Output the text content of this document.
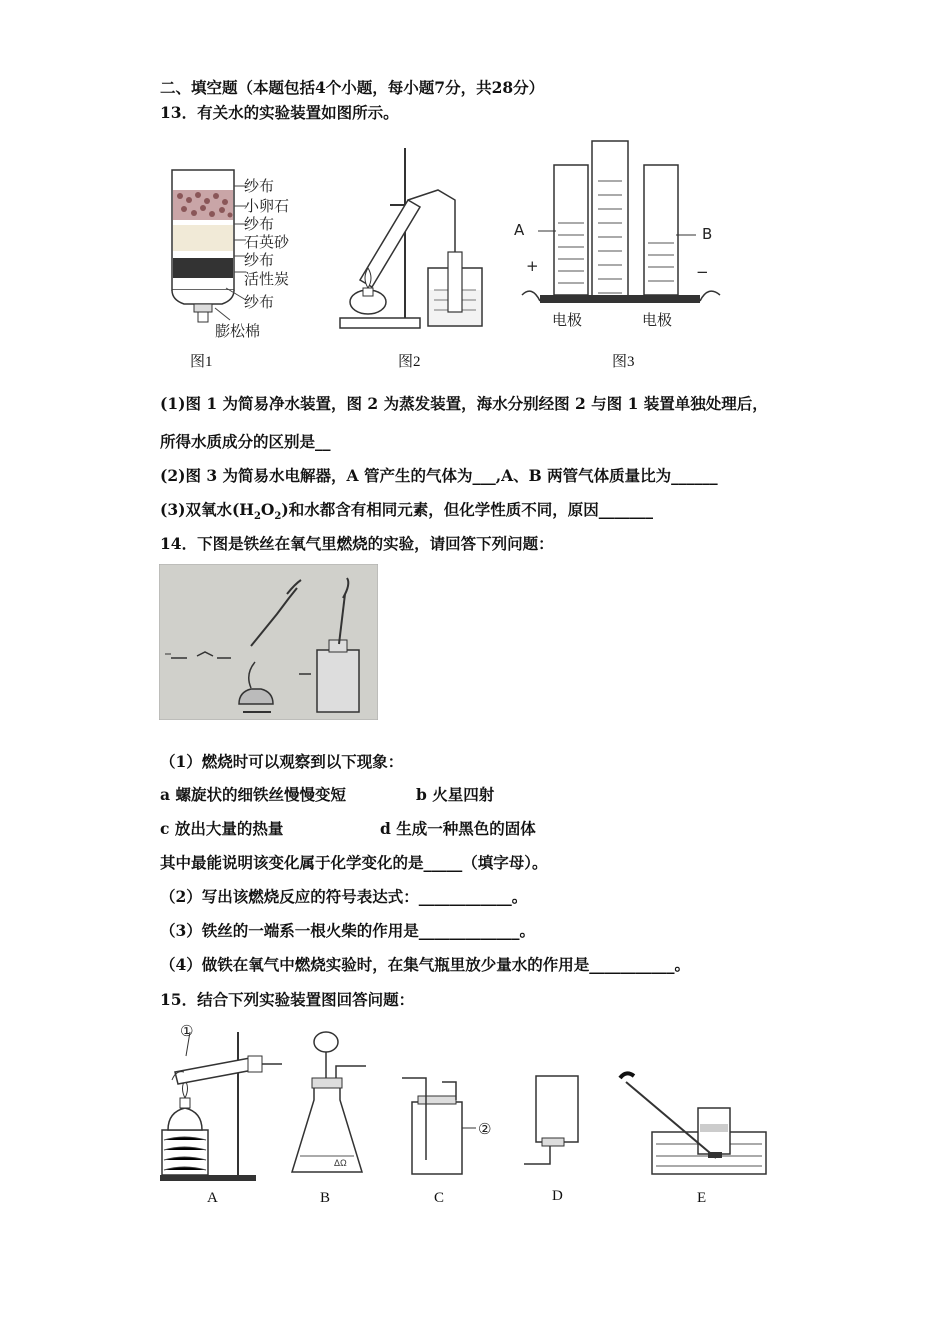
二、填空题（本题包括4个小题，每小题7分，共28分）
13．有关水的实验装置如图所示。
纱布
小卵石
纱布
石英砂
纱布
活性炭
纱布
膨松棉
图1	图2
A	B
+	−
电极	电极
图3
(1)图 1 为简易净水装置，图 2 为蒸发装置，海水分别经图 2 与图 1 装置单独处理后，
所得水质成分的区别是__
(2)图 3 为简易水电解器，A 管产生的气体为___,A、B 两管气体质量比为______
(3)双氧水$(H_2O_2)$和水都含有相同元素，但化学性质不同，原因_______
14．下图是铁丝在氧气里燃烧的实验，请回答下列问题：
（1）燃烧时可以观察到以下现象：
a 螺旋状的细铁丝慢慢变短	b 火星四射
c 放出大量的热量	d 生成一种黑色的固体
其中最能说明该变化属于化学变化的是_____（填字母）。
（2）写出该燃烧反应的符号表达式：____________。
（3）铁丝的一端系一根火柴的作用是_____________。
（4）做铁在氧气中燃烧实验时，在集气瓶里放少量水的作用是___________。
15．结合下列实验装置图回答问题：
①
ΔΩ
②
A	B	C	D	E
